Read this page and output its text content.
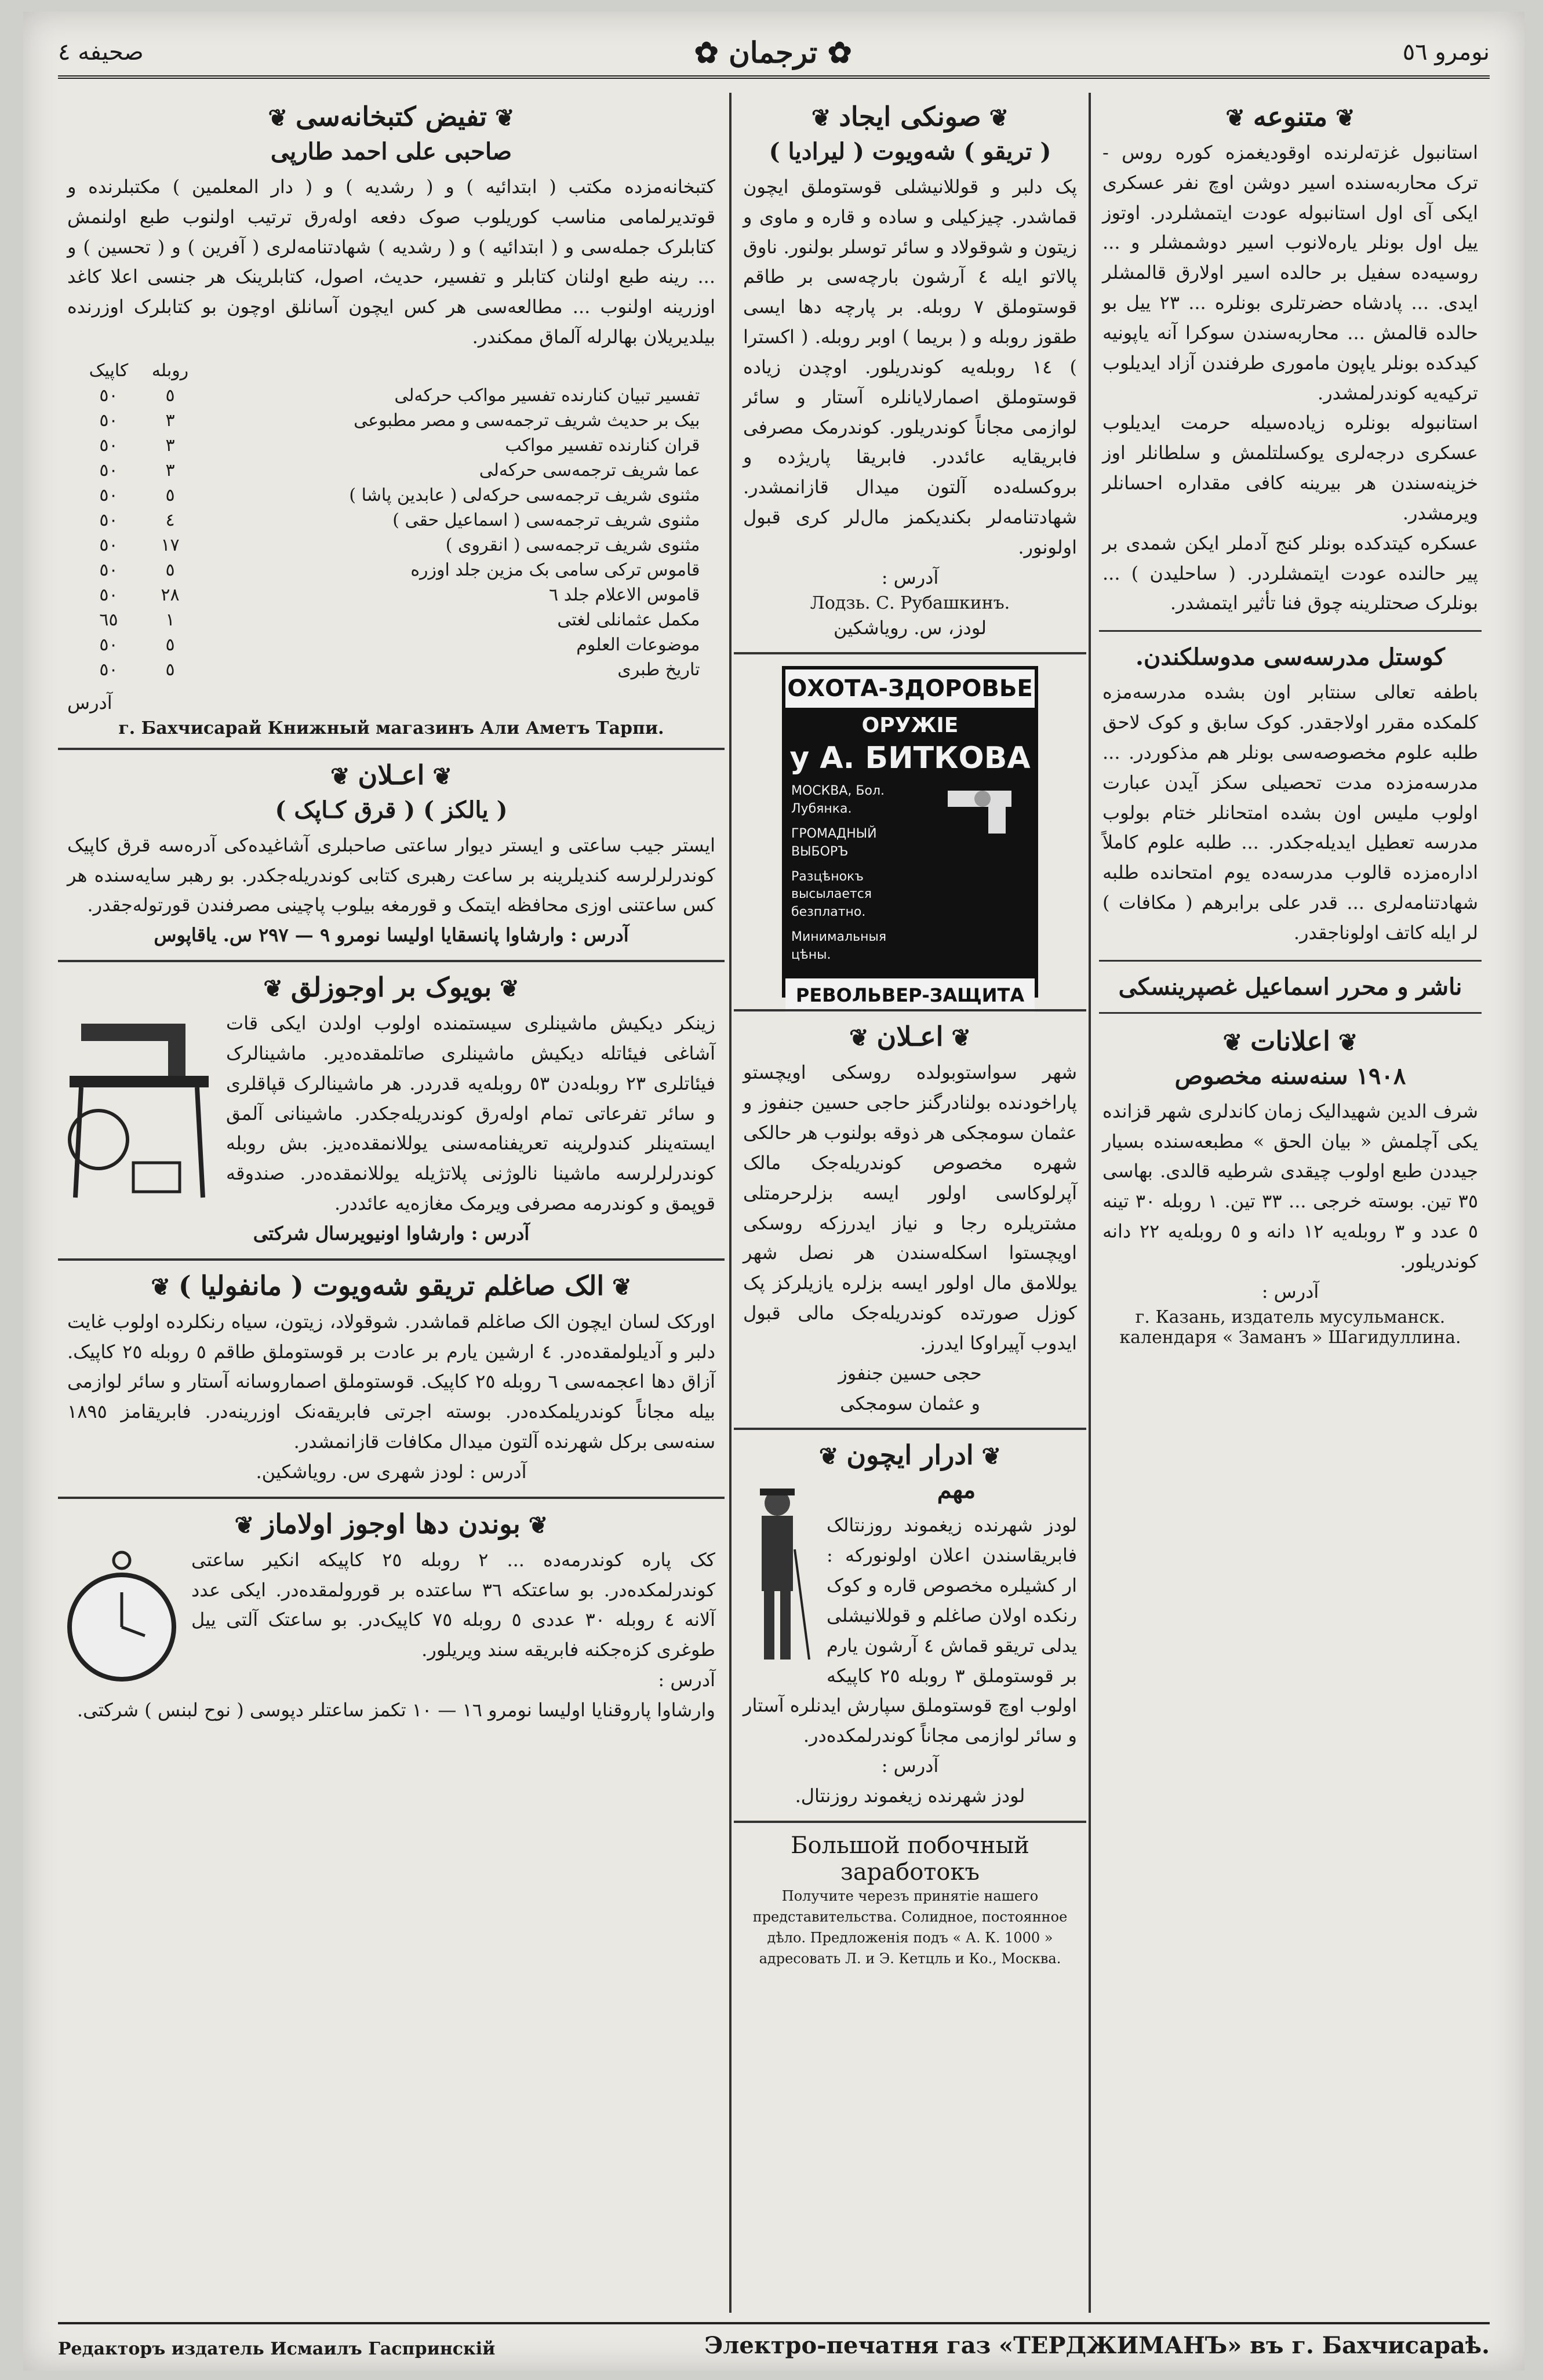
نومرو ٥٦
✿ ترجمان ✿
صحیفه ٤
❦متنوعه❦

استانبول غزته‌لرنده اوقودیغمزه کوره روس - ترک محاربه‌سنده اسیر دوشن اوچ نفر عسکری ایکی آی اول استانبوله عودت ایتمشلردر. اوتوز ییل اول بونلر یارەلانوب اسیر دوشمشلر و ... روسیه‌ده سفیل بر حالده اسیر اولارق قالمشلر ایدی. ... پادشاه حضرتلری بونلره ... ٢٣ ییل بو حالده قالمش ... محاربه‌سندن سوکرا آنه یاپونیه کیدکده بونلر یاپون ماموری طرفندن آزاد ایدیلوب ترکیه‌یه کوندرلمشدر.

استانبوله بونلره زیاده‌سیله حرمت ایدیلوب عسکری درجه‌لری یوکسلتلمش و سلطانلر اوز خزینه‌سندن هر بیرینه کافی مقداره احسانلر ویرمشدر.

عسکره کیتدکده بونلر کنج آدملر ایکن شمدی بر پیر حالنده عودت ایتمشلردر. ( ساحلیدن ) ... بونلرک صحتلرینه چوق فنا تأثیر ایتمشدر.

کوستل مدرسه‌سی مدوسلکندن.

باطفه تعالی سنتابر اون بشده مدرسه‌مزه کلمکده مقرر اولاجقدر. کوک سابق و کوک لاحق طلبه علوم مخصوصه‌سی بونلر هم مذکوردر. ... مدرسه‌مزده مدت تحصیلی سکز آیدن عبارت اولوب ملیس اون بشده امتحانلر ختام بولوب مدرسه تعطیل ایدیله‌جکدر. ... طلبه علوم کاملاً اداره‌مزده قالوب مدرسه‌ده یوم امتحانده طلبه شهادتنامه‌لری ... قدر علی برابرهم ( مکافات ) لر ایله کاتف اولوناجقدر.

ناشر و محرر اسماعیل غصپرینسکی
❦اعلانات❦
١٩٠٨ سنه‌سنه مخصوص

شرف الدین شهیدالیک زمان کاندلری شهر قزانده یکی آچلمش « بیان الحق » مطبعه‌سنده بسیار جیددن طبع اولوب چیقدی شرطیه قالدی. بهاسی ٣٥ تین. بوسته خرجی ... ٣٣ تین. ١ روبله ٣٠ تینه ٥ عدد و ٣ روبله‌یه ١٢ دانه و ٥ روبله‌یه ٢٢ دانه کوندریلور.

آدرس :

г. Казань, издатель мусульманск. календаря « Заманъ » Шагидуллина.
❦صونکی ایجاد❦
( تریقو ) شه‌ویوت ( لیرادیا )

پک دلبر و قوللانیشلی قوستوملق ایچون قماشدر. چیزکیلی و ساده و قاره و ماوی و زیتون و شوقولاد و سائر توسلر بولنور. ناوق پالاتو ایله ٤ آرشون بارچه‌سی بر طاقم قوستوملق ٧ روبله. بر پارچه دها ایسی طقوز روبله و ( بریما ) اوبر روبله. ( اکسترا ) ١٤ روبله‌یه کوندریلور. اوچدن زیاده قوستوملق اصمارلایانلره آستار و سائر لوازمی مجاناً کوندریلور. کوندرمک مصرفی فابریقایه عائددر. فابریقا پاریژده و بروکسله‌ده آلتون میدال قازانمشدر. شهادتنامه‌لر بکندیکمز مال‌لر کری قبول اولونور.

آدرس :

Лодзь. С. Рубашкинъ.

لودز، س. رویاشکین

ОХОТА-ЗДОРОВЬЕ
ОРУЖІЕ
у А. БИТКОВА
МОСКВА, Бол. Лубянка.
ГРОМАДНЫЙ ВЫБОРЪ
Разцѣнокъ высылается безплатно.
Минимальныя цѣны.
РЕВОЛЬВЕР-ЗАЩИТА
❦اعـلان❦

شهر سواستوبولده روسکی اویچستو پاراخودنده بولنادرگنز حاجی حسین جنفوز و عثمان سومجکی هر ذوقه بولنوب هر حالکی شهره مخصوص کوندریله‌جک مالک آپرلوکاسی اولور ایسه بزلرحرمتلی مشتریلره رجا و نیاز ایدرزکه روسکی اویچستوا اسکله‌سندن هر نصل شهر یوللامق مال اولور ایسه بزلره یازیلرکز پک کوزل صورتده کوندریله‌جک مالی قبول ایدوب آپیراوکا ایدرز.

حجی حسین جنفوز

و عثمان سومجکی

❦ادرار ایچون❦
مهم

لودز شهرنده زیغموند روزنتالک فابریقاسندن اعلان اولونورکه : ار کشیلره مخصوص قاره و کوک رنکده اولان صاغلم و قوللانیشلی یدلی تریقو قماش ٤ آرشون یارم بر قوستوملق ٣ روبله ٢٥ کاپیکه اولوب اوچ قوستوملق سپارش ایدنلره آستار و سائر لوازمی مجاناً کوندرلمکده‌در.

آدرس :

لودز شهرنده زیغموند روزنتال.

Большой побочный
заработокъ
Получите черезъ принятіе нашего представительства. Солидное, постоянное дѣло. Предложенія подъ « А. К. 1000 » адресовать Л. и Э. Кетцль и Ко., Москва.
❦تفیض کتبخانه‌سی❦
صاحبی علی احمد طارپی

کتبخانه‌مزده مکتب ( ابتدائیه ) و ( رشدیه ) و ( دار المعلمین ) مکتبلرنده و قوتدیرلمامی مناسب کوریلوب صوک دفعه اولەرق ترتیب اولنوب طبع اولنمش کتابلرک جمله‌سی و ( ابتدائیه ) و ( رشدیه ) شهادتنامه‌لری ( آفرین ) و ( تحسین ) و ... رینه طبع اولنان کتابلر و تفسیر، حدیث، اصول، کتابلرینک هر جنسی اعلا کاغد اوزرینه اولنوب ... مطالعه‌سی هر کس ایچون آسانلق اوچون بو کتابلرک اوزرنده بیلدیریلان بهالرله آلماق ممکندر.

	روبله	کاپیک
تفسیر تبیان کنارنده تفسیر مواکب حرکه‌لی	٥	٥٠
بیک بر حدیث شریف ترجمه‌سی و مصر مطبوعی	٣	٥٠
قران کنارنده تفسیر مواکب	٣	٥٠
عما شریف ترجمه‌سی حرکه‌لی	٣	٥٠
مثنوی شریف ترجمه‌سی حرکه‌لی ( عابدین پاشا )	٥	٥٠
مثنوی شریف ترجمه‌سی ( اسماعیل حقی )	٤	٥٠
مثنوی شریف ترجمه‌سی ( انقروی )	١٧	٥٠
قاموس ترکی سامی بک مزین جلد اوزره	٥	٥٠
قاموس الاعلام جلد ٦	٢٨	٥٠
مکمل عثمانلی لغتی	١	٦٥
موضوعات العلوم	٥	٥٠
تاریخ طبری	٥	٥٠

آدرس

г. Бахчисарай Книжный магазинъ Али Аметъ Тарпи.
❦اعـلان❦
( یالکز ) ( قرق کـاپک )

ایستر جیب ساعتی و ایستر دیوار ساعتی صاحبلری آشاغیده‌کی آدره‌سه قرق کاپیک کوندرلرلرسه کندیلرینه بر ساعت رهبری کتابی کوندریله‌جکدر. بو رهبر سایه‌سنده هر کس ساعتنی اوزی محافظه ایتمک و قورمغه بیلوب پاچینی مصرفندن قورتوله‌جقدر.

آدرس : وارشاوا پانسقایا اولیسا نومرو ٩ — ٢٩٧ س. یاقاپوس

❦بویوک بر اوجوزلق❦

زینکر دیکیش ماشینلری سیستمنده اولوب اولدن ایکی قات آشاغی فیئاتله دیکیش ماشینلری صاتلمقده‌دیر. ماشینالرک فیئاتلری ٢٣ روبله‌دن ٥٣ روبله‌یه قدردر. هر ماشینالرک قپاقلری و سائر تفرعاتی تمام اوله‌رق کوندریله‌جکدر. ماشینانی آلمق ایسته‌ینلر کندولرینه تعریفنامه‌سنی یوللانمقده‌دیز. بش روبله کوندرلرلرسه ماشینا نالوژنی پلاتژیله یوللانمقده‌در. صندوقه قوپمق و کوندرمه مصرفی ویرمک مغازه‌یه عائددر.

آدرس : وارشاوا اونیویرسال شرکتی

❦الک صاغلم تریقو شه‌ویوت ( مانفولیا )❦

اورکک لسان ایچون الک صاغلم قماشدر. شوقولاد، زیتون، سیاه رنکلرده اولوب غایت دلبر و آدیلولمقده‌در. ٤ ارشین یارم بر عادت بر قوستوملق طاقم ٥ روبله ٢٥ کاپیک. آزاق دها اعجمه‌سی ٦ روبله ٢٥ کاپیک. قوستوملق اصماروسانه آستار و سائر لوازمی بیله مجاناً کوندریلمکده‌در. بوسته اجرتی فابریقه‌نک اوزرینه‌در. فابریقامز ١٨٩٥ سنه‌سی برکل شهرنده آلتون میدال مکافات قازانمشدر.

آدرس : لودز شهری س. رویاشکین.

❦بوندن دها اوجوز اولاماز❦

کک پاره کوندرمه‌ده ... ٢ روبله ٢٥ کاپیکه انکیر ساعتی کوندرلمکده‌در. بو ساعتکه ٣٦ ساعتده بر قورولمقده‌در. ایکی عدد آلانه ٤ روبله ٣٠ عددی ٥ روبله ٧٥ کاپیک‌در. بو ساعتک آلتی ییل طوغری کزه‌جکنه فابریقه سند ویریلور.

آدرس :

وارشاوا پاروقنایا اولیسا نومرو ١٦ — ١٠ تکمز ساعتلر دپوسی ( نوح لبنس ) شرکتی.

Редакторъ издатель Исмаилъ Гаспринскiй	Электро-печатня газ «ТЕРДЖИМАНЪ» въ г. Бахчисараѣ.
